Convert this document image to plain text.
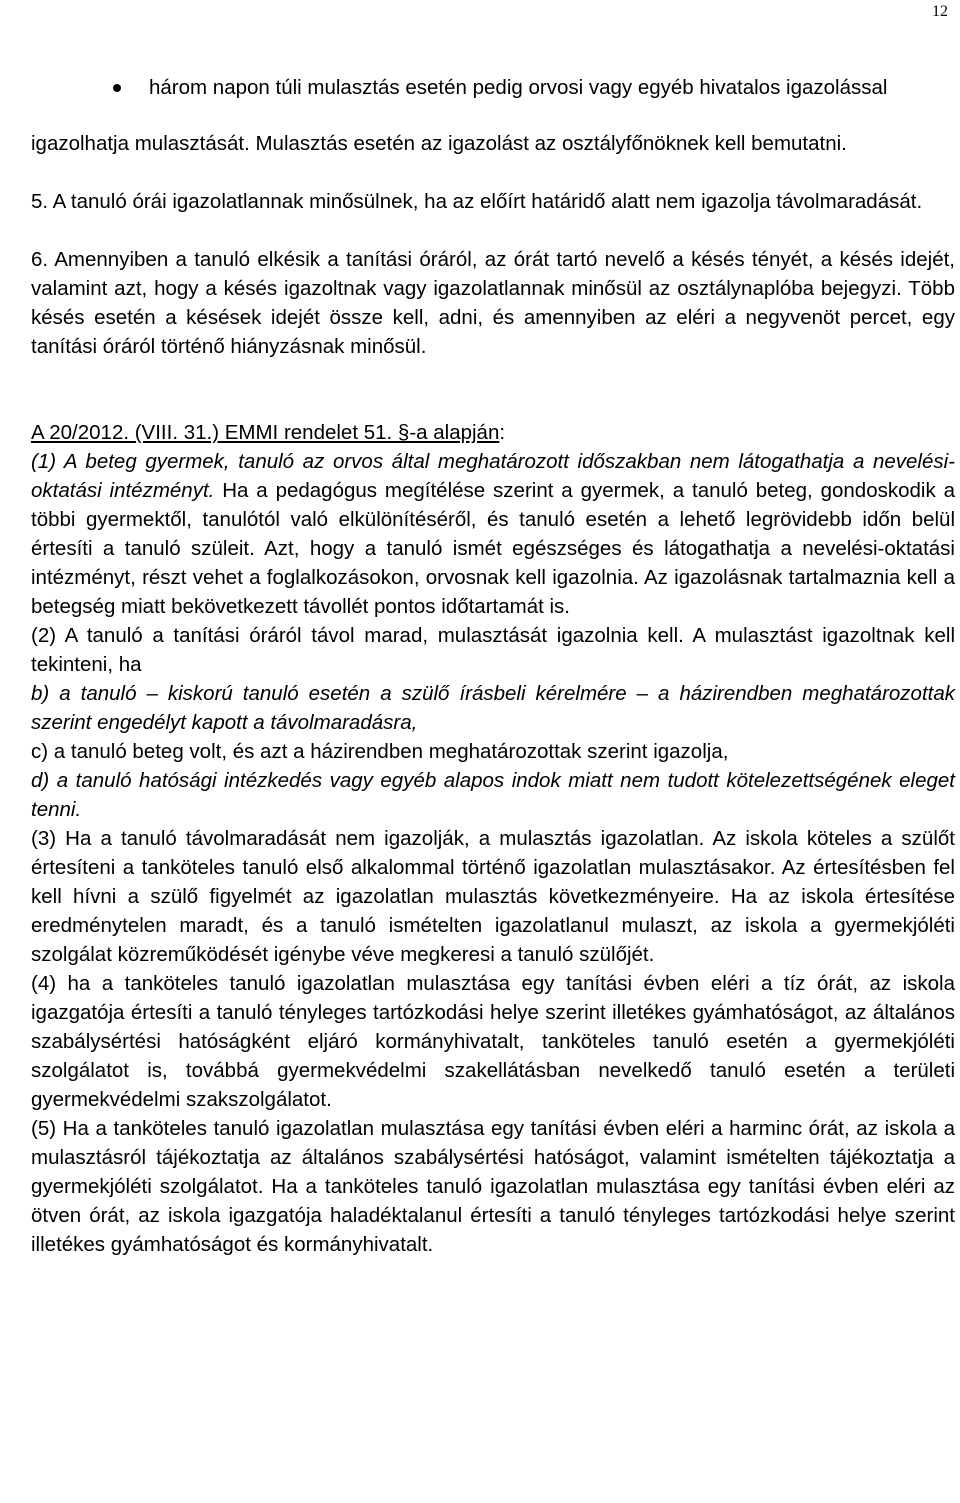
12
három napon túli mulasztás esetén pedig orvosi vagy egyéb hivatalos igazolással

igazolhatja mulasztását. Mulasztás esetén az igazolást az osztályfőnöknek kell bemutatni.

5. A tanuló órái igazolatlannak minősülnek, ha az előírt határidő alatt nem igazolja távolmaradását.

6. Amennyiben a tanuló elkésik a tanítási óráról, az órát tartó nevelő a késés tényét, a késés idejét, valamint azt, hogy a késés igazoltnak vagy igazolatlannak minősül az osztálynaplóba bejegyzi. Több késés esetén a késések idejét össze kell, adni, és amennyiben az eléri a negyvenöt percet, egy tanítási óráról történő hiányzásnak minősül.

A 20/2012. (VIII. 31.) EMMI rendelet 51. §-a alapján:

(1) A beteg gyermek, tanuló az orvos által meghatározott időszakban nem látogathatja a nevelési-oktatási intézményt. Ha a pedagógus megítélése szerint a gyermek, a tanuló beteg, gondoskodik a többi gyermektől, tanulótól való elkülönítéséről, és tanuló esetén a lehető legrövidebb időn belül értesíti a tanuló szüleit. Azt, hogy a tanuló ismét egészséges és látogathatja a nevelési-oktatási intézményt, részt vehet a foglalkozásokon, orvosnak kell igazolnia. Az igazolásnak tartalmaznia kell a betegség miatt bekövetkezett távollét pontos időtartamát is.

(2) A tanuló a tanítási óráról távol marad, mulasztását igazolnia kell. A mulasztást igazoltnak kell tekinteni, ha

b) a tanuló – kiskorú tanuló esetén a szülő írásbeli kérelmére – a házirendben meghatározottak szerint engedélyt kapott a távolmaradásra,

c) a tanuló beteg volt, és azt a házirendben meghatározottak szerint igazolja,

d) a tanuló hatósági intézkedés vagy egyéb alapos indok miatt nem tudott kötelezettségének eleget tenni.

(3) Ha a tanuló távolmaradását nem igazolják, a mulasztás igazolatlan. Az iskola köteles a szülőt értesíteni a tanköteles tanuló első alkalommal történő igazolatlan mulasztásakor. Az értesítésben fel kell hívni a szülő figyelmét az igazolatlan mulasztás következményeire. Ha az iskola értesítése eredménytelen maradt, és a tanuló ismételten igazolatlanul mulaszt, az iskola a gyermekjóléti szolgálat közreműködését igénybe véve megkeresi a tanuló szülőjét.

(4) ha a tanköteles tanuló igazolatlan mulasztása egy tanítási évben eléri a tíz órát, az iskola igazgatója értesíti a tanuló tényleges tartózkodási helye szerint illetékes gyámhatóságot, az általános szabálysértési hatóságként eljáró kormányhivatalt, tanköteles tanuló esetén a gyermekjóléti szolgálatot is, továbbá gyermekvédelmi szakellátásban nevelkedő tanuló esetén a területi gyermekvédelmi szakszolgálatot.

(5) Ha a tanköteles tanuló igazolatlan mulasztása egy tanítási évben eléri a harminc órát, az iskola a mulasztásról tájékoztatja az általános szabálysértési hatóságot, valamint ismételten tájékoztatja a gyermekjóléti szolgálatot. Ha a tanköteles tanuló igazolatlan mulasztása egy tanítási évben eléri az ötven órát, az iskola igazgatója haladéktalanul értesíti a tanuló tényleges tartózkodási helye szerint illetékes gyámhatóságot és kormányhivatalt.
